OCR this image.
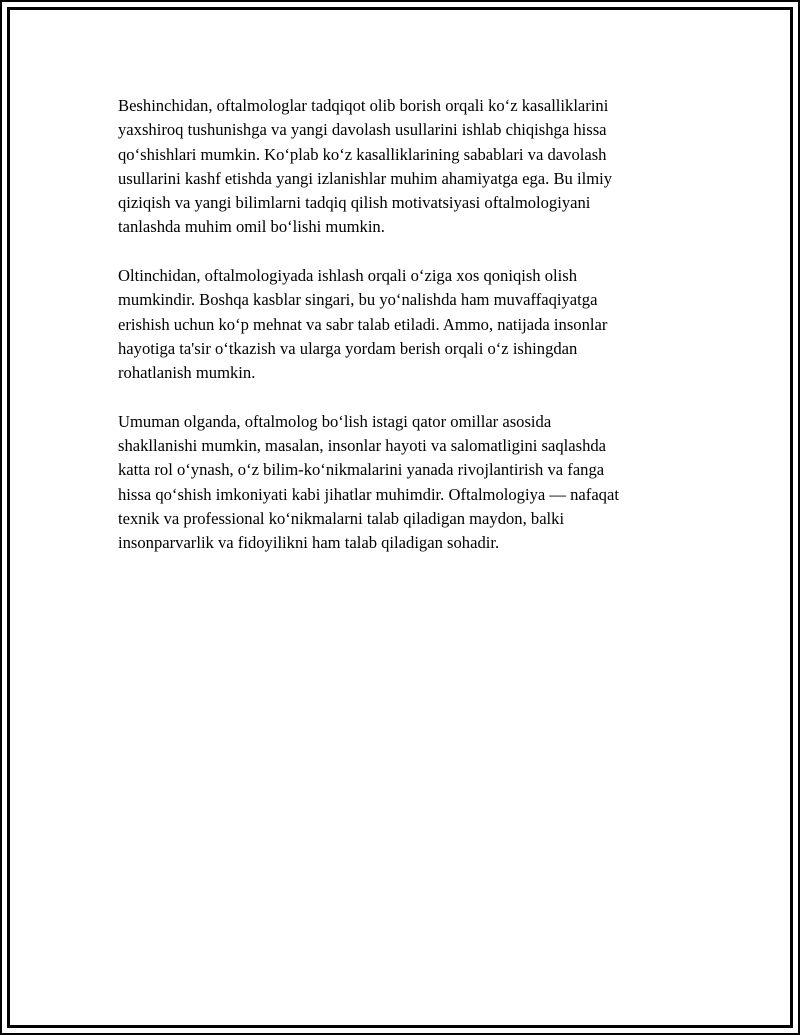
Beshinchidan, oftalmologlar tadqiqot olib borish orqali koʻz kasalliklarini
yaxshiroq tushunishga va yangi davolash usullarini ishlab chiqishga hissa
qoʻshishlari mumkin. Koʻplab koʻz kasalliklarining sabablari va davolash
usullarini kashf etishda yangi izlanishlar muhim ahamiyatga ega. Bu ilmiy
qiziqish va yangi bilimlarni tadqiq qilish motivatsiyasi oftalmologiyani
tanlashda muhim omil boʻlishi mumkin.

Oltinchidan, oftalmologiyada ishlash orqali oʻziga xos qoniqish olish
mumkindir. Boshqa kasblar singari, bu yoʻnalishda ham muvaffaqiyatga
erishish uchun koʻp mehnat va sabr talab etiladi. Ammo, natijada insonlar
hayotiga ta'sir oʻtkazish va ularga yordam berish orqali oʻz ishingdan
rohatlanish mumkin.

Umuman olganda, oftalmolog boʻlish istagi qator omillar asosida
shakllanishi mumkin, masalan, insonlar hayoti va salomatligini saqlashda
katta rol oʻynash, oʻz bilim-koʻnikmalarini yanada rivojlantirish va fanga
hissa qoʻshish imkoniyati kabi jihatlar muhimdir. Oftalmologiya — nafaqat
texnik va professional koʻnikmalarni talab qiladigan maydon, balki
insonparvarlik va fidoyilikni ham talab qiladigan sohadir.
